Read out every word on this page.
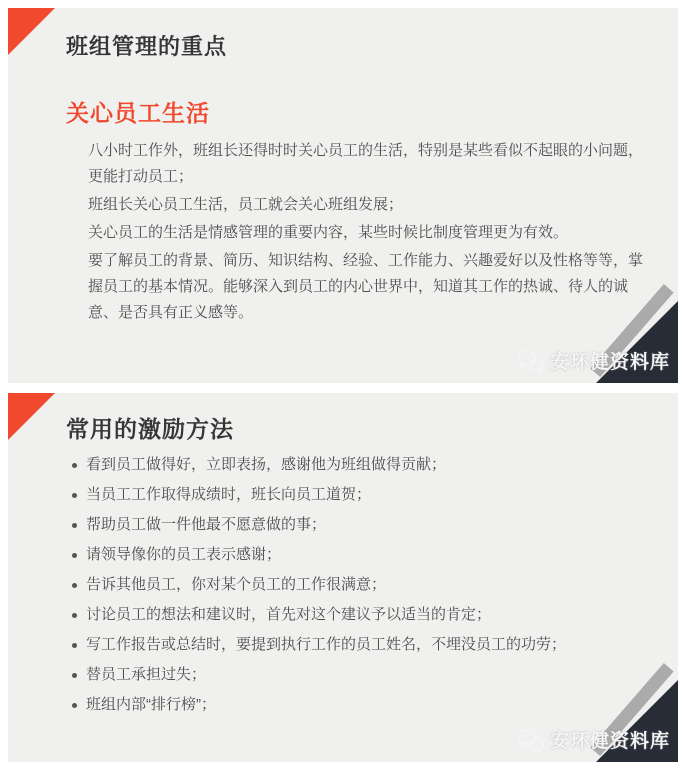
班组管理的重点
关心员工生活

八小时工作外，班组长还得时时关心员工的生活，特别是某些看似不起眼的小问题，更能打动员工；

班组长关心员工生活，员工就会关心班组发展；

关心员工的生活是情感管理的重要内容，某些时候比制度管理更为有效。

要了解员工的背景、简历、知识结构、经验、工作能力、兴趣爱好以及性格等等，掌握员工的基本情况。能够深入到员工的内心世界中，知道其工作的热诚、待人的诚意、是否具有正义感等。

安环健资料库
常用的激励方法
看到员工做得好，立即表扬，感谢他为班组做得贡献；
当员工工作取得成绩时，班长向员工道贺；
帮助员工做一件他最不愿意做的事；
请领导像你的员工表示感谢；
告诉其他员工，你对某个员工的工作很满意；
讨论员工的想法和建议时，首先对这个建议予以适当的肯定；
写工作报告或总结时，要提到执行工作的员工姓名，不埋没员工的功劳；
替员工承担过失；
班组内部“排行榜”；
安环健资料库
